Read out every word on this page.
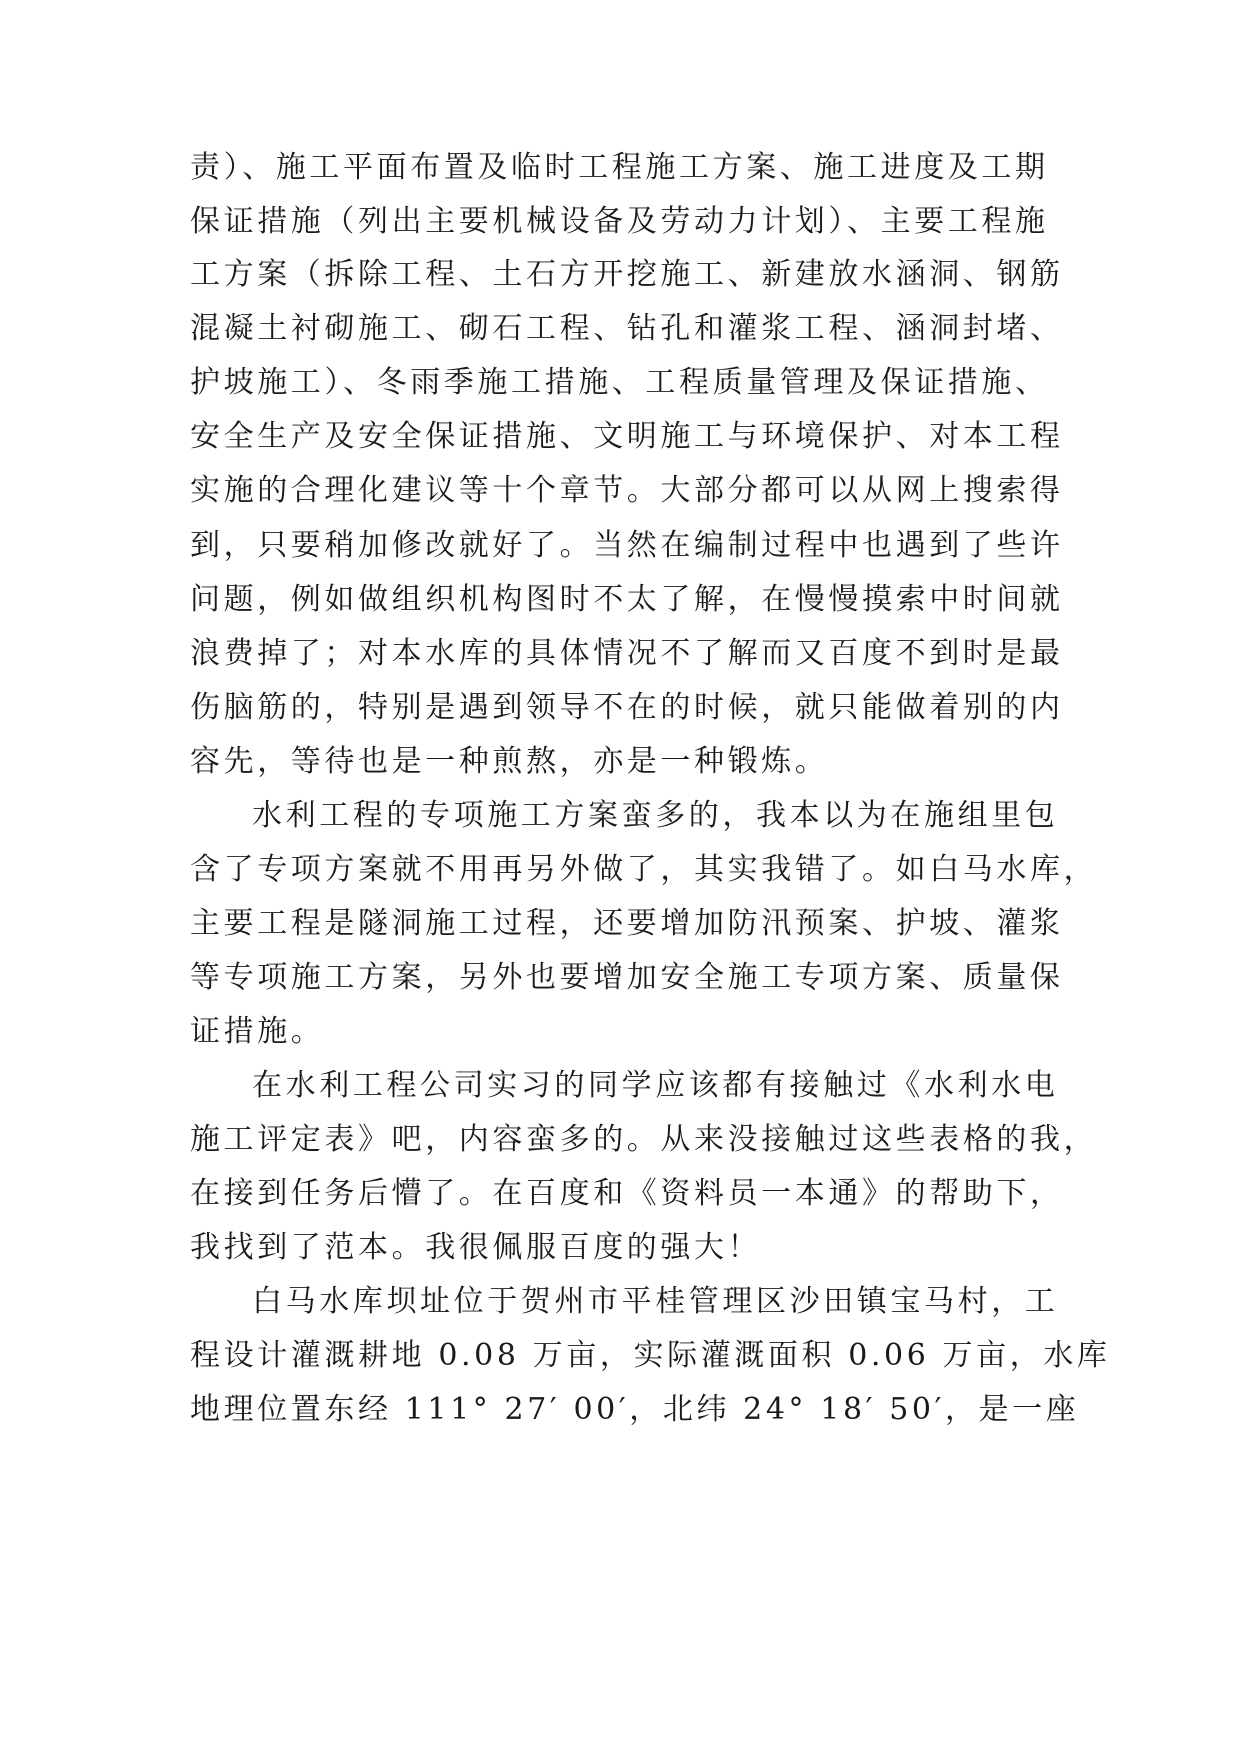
责）、施工平面布置及临时工程施工方案、施工进度及工期
保证措施（列出主要机械设备及劳动力计划）、主要工程施
工方案（拆除工程、土石方开挖施工、新建放水涵洞、钢筋
混凝土衬砌施工、砌石工程、钻孔和灌浆工程、涵洞封堵、
护坡施工）、冬雨季施工措施、工程质量管理及保证措施、
安全生产及安全保证措施、文明施工与环境保护、对本工程
实施的合理化建议等十个章节。大部分都可以从网上搜索得
到，只要稍加修改就好了。当然在编制过程中也遇到了些许
问题，例如做组织机构图时不太了解，在慢慢摸索中时间就
浪费掉了；对本水库的具体情况不了解而又百度不到时是最
伤脑筋的，特别是遇到领导不在的时候，就只能做着别的内
容先，等待也是一种煎熬，亦是一种锻炼。
水利工程的专项施工方案蛮多的，我本以为在施组里包
含了专项方案就不用再另外做了，其实我错了。如白马水库，
主要工程是隧洞施工过程，还要增加防汛预案、护坡、灌浆
等专项施工方案，另外也要增加安全施工专项方案、质量保
证措施。
在水利工程公司实习的同学应该都有接触过《水利水电
施工评定表》吧，内容蛮多的。从来没接触过这些表格的我，
在接到任务后懵了。在百度和《资料员一本通》的帮助下，
我找到了范本。我很佩服百度的强大！
白马水库坝址位于贺州市平桂管理区沙田镇宝马村，工
程设计灌溉耕地 0.08 万亩，实际灌溉面积 0.06 万亩，水库
地理位置东经 111° 27′ 00′，北纬 24° 18′ 50′，是一座
